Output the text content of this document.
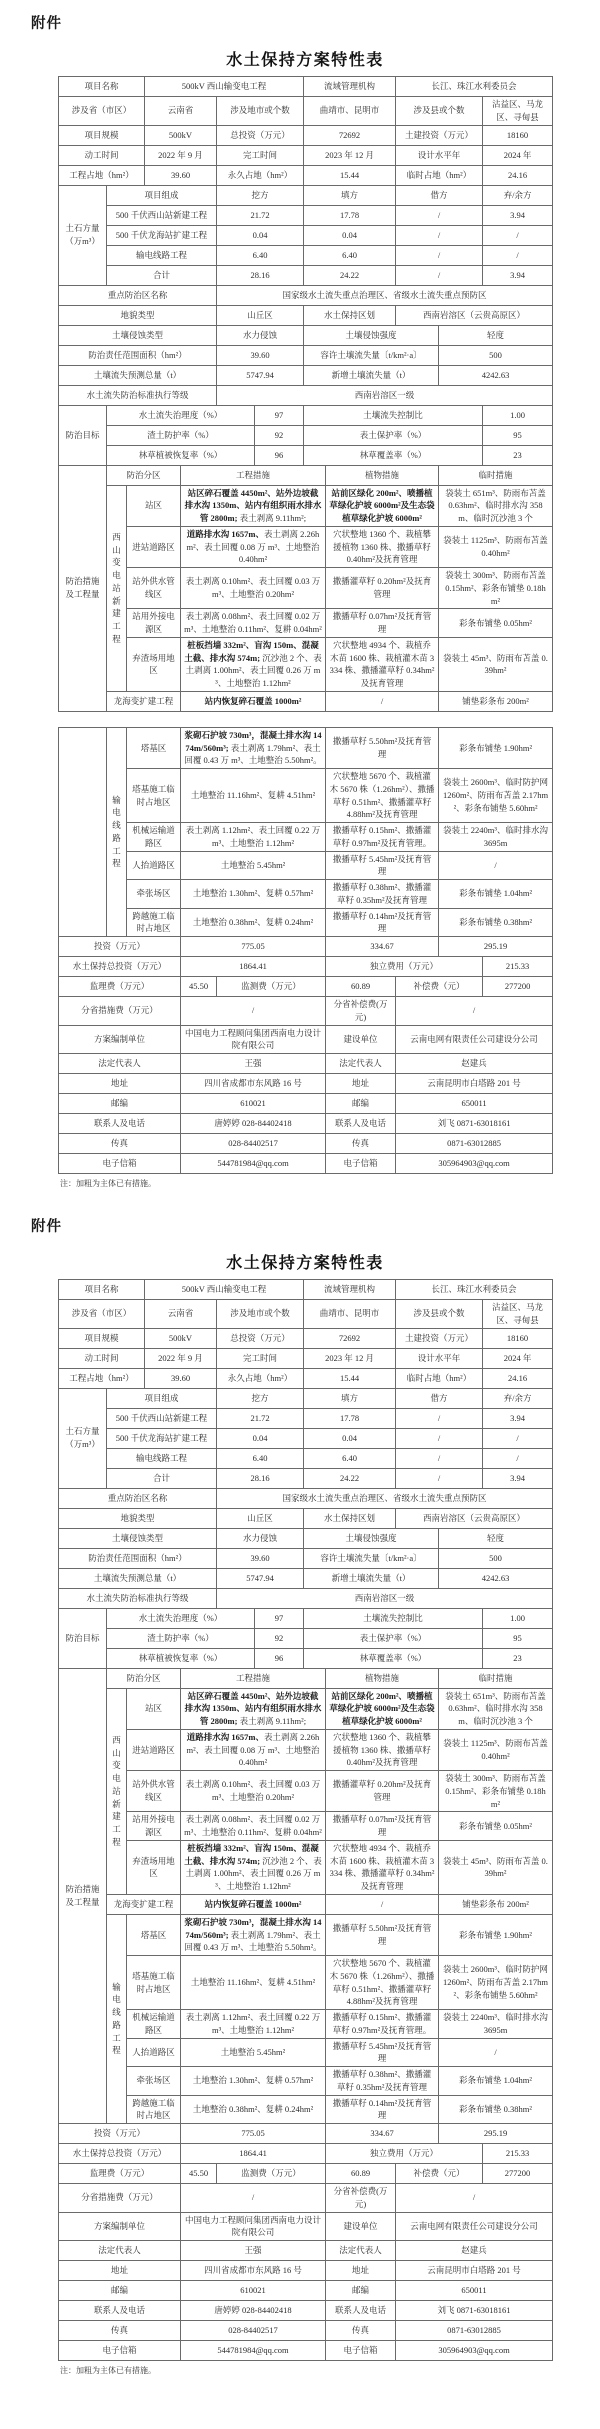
附件
水土保持方案特性表
项目名称			500kV 西山输变电工程				流域管理机构		长江、珠江水利委员会		
涉及省（市区）			云南省		涉及地市或个数		曲靖市、昆明市		涉及县或个数		沾益区、马龙区、寻甸县
项目规模			500kV		总投资（万元）		72692		土建投资（万元）		18160
动工时间			2022 年 9 月		完工时间		2023 年 12 月		设计水平年		2024 年
工程占地（hm²）			39.60		永久占地（hm²）		15.44		临时占地（hm²）		24.16
土石方量（万m³）	项目组成				挖方		填方		借方		弃/余方
	500 千伏西山站新建工程				21.72		17.78		/		3.94
	500 千伏龙海站扩建工程				0.04		0.04		/		/
	输电线路工程				6.40		6.40		/		/
	合计				28.16		24.22		/		3.94
重点防治区名称					国家级水土流失重点治理区、省级水土流失重点预防区						
地貌类型					山丘区		水土保持区划		西南岩溶区（云贵高原区）		
土壤侵蚀类型					水力侵蚀		土壤侵蚀强度			轻度	
防治责任范围面积（hm²）					39.60		容许土壤流失量〔t/km²·a〕			500	
土壤流失预测总量（t）					5747.94		新增土壤流失量（t）			4242.63	
水土流失防治标准执行等级					西南岩溶区一级						
防治目标	水土流失治理度（%）					97	土壤流失控制比				1.00
	渣土防护率（%）					92	表土保护率（%）				95
	林草植被恢复率（%）					96	林草覆盖率（%）				23
防治措施及工程量	防治分区			工程措施				植物措施		临时措施	
	西山变电站新建工程	站区		站区碎石覆盖 4450m²、站外边坡截排水沟 1350m、站内有组织雨水排水管 2800m; 表土剥离 9.11hm²;				站前区绿化 200m²、喷播植草绿化护坡 6000m²及生态袋植草绿化护坡 6000m²		袋装土 651m³、防雨布苫盖 0.63hm²、临时排水沟 358m、临时沉沙池 3 个	
		进站道路区		道路排水沟 1657m、表土剥离 2.26hm²、表土回覆 0.08 万 m³、土地整治 0.40hm²				穴状整地 1360 个、栽植攀援植物 1360 株、撒播草籽 0.40hm²及抚育管理		袋装土 1125m³、防雨布苫盖 0.40hm²	
		站外供水管线区		表土剥离 0.10hm²、表土回覆 0.03 万 m³、土地整治 0.20hm²				撒播灌草籽 0.20hm²及抚育管理		袋装土 300m³、防雨布苫盖 0.15hm²、彩条布铺垫 0.18hm²	
		站用外接电源区		表土剥离 0.08hm²、表土回覆 0.02 万 m³、土地整治 0.11hm²、复耕 0.04hm²				撒播草籽 0.07hm²及抚育管理		彩条布铺垫 0.05hm²	
		弃渣场用地区		桩板挡墙 332m²、盲沟 150m、混凝土截、排水沟 574m; 沉沙池 2 个、表土剥离 1.00hm²、表土回覆 0.26 万 m³、土地整治 1.12hm²				穴状整地 4934 个、栽植乔木苗 1600 株、栽植灌木苗 3334 株、撒播灌草籽 0.34hm²及抚育管理		袋装土 45m³、防雨布苫盖 0.39hm²	
	龙海变扩建工程			站内恢复碎石覆盖 1000m²				/		铺垫彩条布 200m²	
	输电线路工程	塔基区	浆砌石护坡 730m³，混凝土排水沟 1474m/560m³; 表土剥离 1.79hm²、表土回覆 0.43 万 m³、土地整治 5.50hm²。		撒播草籽 5.50hm²及抚育管理		彩条布铺垫 1.90hm²	
		塔基施工临时占地区	土地整治 11.16hm²、复耕 4.51hm²		穴状整地 5670 个、栽植灌木 5670 株（1.26hm²）、撒播草籽 0.51hm²、撒播灌草籽 4.88hm²及抚育管理		袋装土 2600m³、临时防护网 1260m²、防雨布苫盖 2.17hm²、彩条布铺垫 5.60hm²	
		机械运输道路区	表土剥离 1.12hm²、表土回覆 0.22 万 m³、土地整治 1.12hm²		撒播草籽 0.15hm²、撒播灌草籽 0.97hm²及抚育管理。		袋装土 2240m³、临时排水沟 3695m	
		人抬道路区	土地整治 5.45hm²		撒播草籽 5.45hm²及抚育管理		/	
		牵张场区	土地整治 1.30hm²、复耕 0.57hm²		撒播草籽 0.38hm²、撒播灌草籽 0.35hm²及抚育管理		彩条布铺垫 1.04hm²	
		跨越施工临时占地区	土地整治 0.38hm²、复耕 0.24hm²		撒播草籽 0.14hm²及抚育管理		彩条布铺垫 0.38hm²	
投资（万元）			775.05		334.67		295.19	
水土保持总投资（万元）			1864.41		独立费用（万元）			215.33
监理费（万元）			45.50	监测费（万元）	60.89	补偿费（元）		277200
分省措施费（万元）			/		分省补偿费(万元)	/		
方案编制单位			中国电力工程顾问集团西南电力设计院有限公司		建设单位	云南电网有限责任公司建设分公司		
法定代表人			王强		法定代表人	赵建兵		
地址			四川省成都市东风路 16 号		地址	云南昆明市白塔路 201 号		
邮编			610021		邮编	650011		
联系人及电话			唐婷婷 028-84402418		联系人及电话	刘飞 0871-63018161		
传真			028-84402517		传真	0871-63012885		
电子信箱			544781984@qq.com		电子信箱	305964903@qq.com		
注：加粗为主体已有措施。
附件
水土保持方案特性表
项目名称			500kV 西山输变电工程				流域管理机构		长江、珠江水利委员会		
涉及省（市区）			云南省		涉及地市或个数		曲靖市、昆明市		涉及县或个数		沾益区、马龙区、寻甸县
项目规模			500kV		总投资（万元）		72692		土建投资（万元）		18160
动工时间			2022 年 9 月		完工时间		2023 年 12 月		设计水平年		2024 年
工程占地（hm²）			39.60		永久占地（hm²）		15.44		临时占地（hm²）		24.16
土石方量（万m³）	项目组成				挖方		填方		借方		弃/余方
	500 千伏西山站新建工程				21.72		17.78		/		3.94
	500 千伏龙海站扩建工程				0.04		0.04		/		/
	输电线路工程				6.40		6.40		/		/
	合计				28.16		24.22		/		3.94
重点防治区名称					国家级水土流失重点治理区、省级水土流失重点预防区						
地貌类型					山丘区		水土保持区划		西南岩溶区（云贵高原区）		
土壤侵蚀类型					水力侵蚀		土壤侵蚀强度			轻度	
防治责任范围面积（hm²）					39.60		容许土壤流失量〔t/km²·a〕			500	
土壤流失预测总量（t）					5747.94		新增土壤流失量（t）			4242.63	
水土流失防治标准执行等级					西南岩溶区一级						
防治目标	水土流失治理度（%）					97	土壤流失控制比				1.00
	渣土防护率（%）					92	表土保护率（%）				95
	林草植被恢复率（%）					96	林草覆盖率（%）				23
防治措施及工程量	防治分区			工程措施				植物措施		临时措施	
	西山变电站新建工程	站区		站区碎石覆盖 4450m²、站外边坡截排水沟 1350m、站内有组织雨水排水管 2800m; 表土剥离 9.11hm²;				站前区绿化 200m²、喷播植草绿化护坡 6000m²及生态袋植草绿化护坡 6000m²		袋装土 651m³、防雨布苫盖 0.63hm²、临时排水沟 358m、临时沉沙池 3 个	
		进站道路区		道路排水沟 1657m、表土剥离 2.26hm²、表土回覆 0.08 万 m³、土地整治 0.40hm²				穴状整地 1360 个、栽植攀援植物 1360 株、撒播草籽 0.40hm²及抚育管理		袋装土 1125m³、防雨布苫盖 0.40hm²	
		站外供水管线区		表土剥离 0.10hm²、表土回覆 0.03 万 m³、土地整治 0.20hm²				撒播灌草籽 0.20hm²及抚育管理		袋装土 300m³、防雨布苫盖 0.15hm²、彩条布铺垫 0.18hm²	
		站用外接电源区		表土剥离 0.08hm²、表土回覆 0.02 万 m³、土地整治 0.11hm²、复耕 0.04hm²				撒播草籽 0.07hm²及抚育管理		彩条布铺垫 0.05hm²	
		弃渣场用地区		桩板挡墙 332m²、盲沟 150m、混凝土截、排水沟 574m; 沉沙池 2 个、表土剥离 1.00hm²、表土回覆 0.26 万 m³、土地整治 1.12hm²				穴状整地 4934 个、栽植乔木苗 1600 株、栽植灌木苗 3334 株、撒播灌草籽 0.34hm²及抚育管理		袋装土 45m³、防雨布苫盖 0.39hm²	
	龙海变扩建工程			站内恢复碎石覆盖 1000m²				/		铺垫彩条布 200m²	
	输电线路工程	塔基区		浆砌石护坡 730m³，混凝土排水沟 1474m/560m³; 表土剥离 1.79hm²、表土回覆 0.43 万 m³、土地整治 5.50hm²。				撒播草籽 5.50hm²及抚育管理		彩条布铺垫 1.90hm²	
		塔基施工临时占地区		土地整治 11.16hm²、复耕 4.51hm²				穴状整地 5670 个、栽植灌木 5670 株（1.26hm²）、撒播草籽 0.51hm²、撒播灌草籽 4.88hm²及抚育管理		袋装土 2600m³、临时防护网 1260m²、防雨布苫盖 2.17hm²、彩条布铺垫 5.60hm²	
		机械运输道路区		表土剥离 1.12hm²、表土回覆 0.22 万 m³、土地整治 1.12hm²				撒播草籽 0.15hm²、撒播灌草籽 0.97hm²及抚育管理。		袋装土 2240m³、临时排水沟 3695m	
		人抬道路区		土地整治 5.45hm²				撒播草籽 5.45hm²及抚育管理		/	
		牵张场区		土地整治 1.30hm²、复耕 0.57hm²				撒播草籽 0.38hm²、撒播灌草籽 0.35hm²及抚育管理		彩条布铺垫 1.04hm²	
		跨越施工临时占地区		土地整治 0.38hm²、复耕 0.24hm²				撒播草籽 0.14hm²及抚育管理		彩条布铺垫 0.38hm²	
投资（万元）				775.05				334.67		295.19	
水土保持总投资（万元）				1864.41				独立费用（万元）			215.33
监理费（万元）				45.50	监测费（万元）			60.89	补偿费（元）		277200
分省措施费（万元）				/				分省补偿费(万元)	/		
方案编制单位				中国电力工程顾问集团西南电力设计院有限公司				建设单位	云南电网有限责任公司建设分公司		
法定代表人				王强				法定代表人	赵建兵		
地址				四川省成都市东风路 16 号				地址	云南昆明市白塔路 201 号		
邮编				610021				邮编	650011		
联系人及电话				唐婷婷 028-84402418				联系人及电话	刘飞 0871-63018161		
传真				028-84402517				传真	0871-63012885		
电子信箱				544781984@qq.com				电子信箱	305964903@qq.com		
注：加粗为主体已有措施。
